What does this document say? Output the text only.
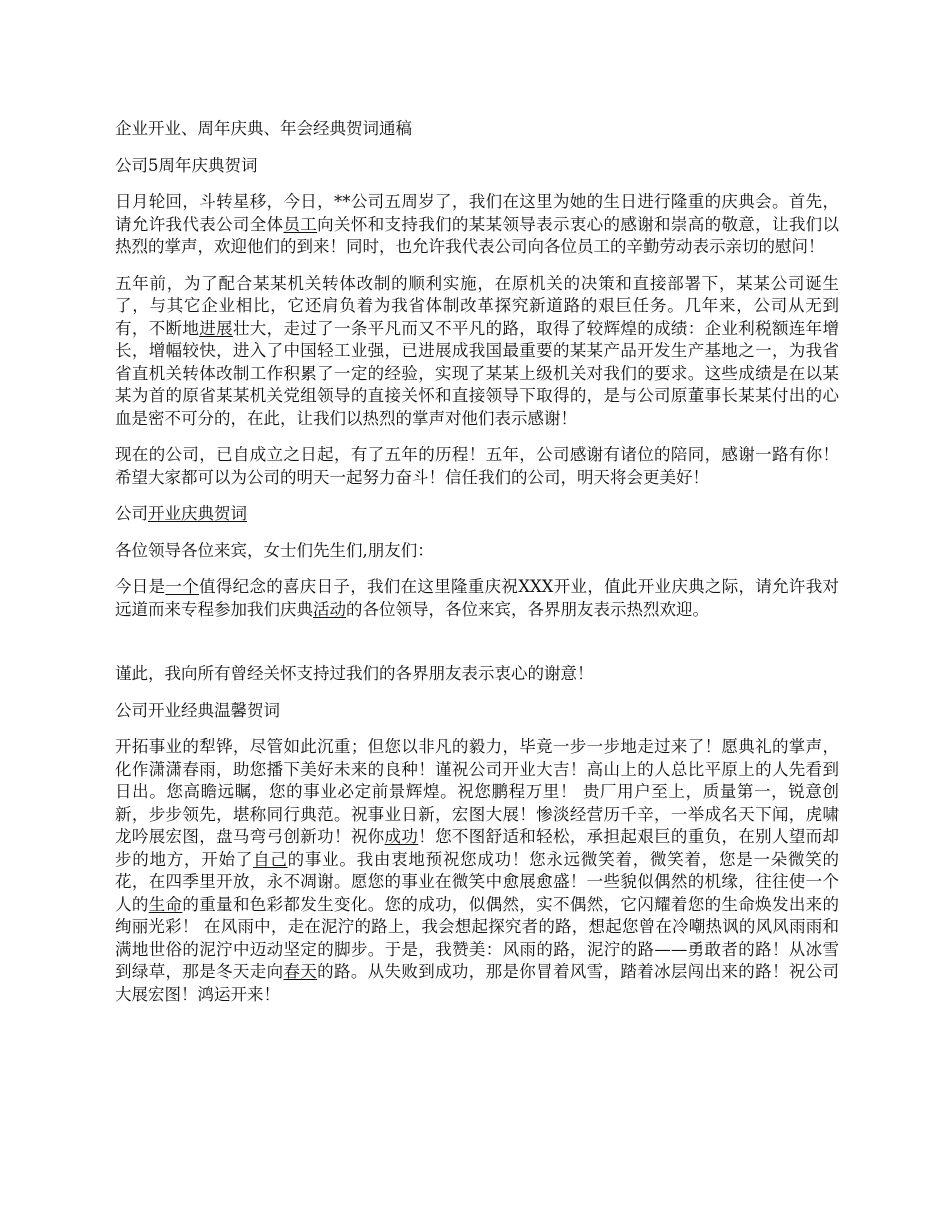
企业开业、周年庆典、年会经典贺词通稿

公司5周年庆典贺词

日月轮回，斗转星移，今日，**公司五周岁了，我们在这里为她的生日进行隆重的庆典会。首先，请允许我代表公司全体员工向关怀和支持我们的某某领导表示衷心的感谢和崇高的敬意，让我们以热烈的掌声，欢迎他们的到来！同时，也允许我代表公司向各位员工的辛勤劳动表示亲切的慰问！

五年前，为了配合某某机关转体改制的顺利实施，在原机关的决策和直接部署下，某某公司诞生了，与其它企业相比，它还肩负着为我省体制改革探究新道路的艰巨任务。几年来，公司从无到有，不断地进展壮大，走过了一条平凡而又不平凡的路，取得了较辉煌的成绩：企业利税额连年增长，增幅较快，进入了中国轻工业强，已进展成我国最重要的某某产品开发生产基地之一，为我省省直机关转体改制工作积累了一定的经验，实现了某某上级机关对我们的要求。这些成绩是在以某某为首的原省某某机关党组领导的直接关怀和直接领导下取得的，是与公司原董事长某某付出的心血是密不可分的，在此，让我们以热烈的掌声对他们表示感谢！

现在的公司，已自成立之日起，有了五年的历程！五年，公司感谢有诸位的陪同，感谢一路有你！希望大家都可以为公司的明天一起努力奋斗！信任我们的公司，明天将会更美好！

公司开业庆典贺词

各位领导各位来宾，女士们先生们,朋友们：

今日是一个值得纪念的喜庆日子，我们在这里隆重庆祝XXX开业，值此开业庆典之际，请允许我对远道而来专程参加我们庆典活动的各位领导，各位来宾，各界朋友表示热烈欢迎。

谨此，我向所有曾经关怀支持过我们的各界朋友表示衷心的谢意！

公司开业经典温馨贺词

开拓事业的犁铧，尽管如此沉重；但您以非凡的毅力，毕竟一步一步地走过来了！愿典礼的掌声，化作潇潇春雨，助您播下美好未来的良种！谨祝公司开业大吉！高山上的人总比平原上的人先看到日出。您高瞻远瞩，您的事业必定前景辉煌。祝您鹏程万里！ 贵厂用户至上，质量第一，锐意创新，步步领先，堪称同行典范。祝事业日新，宏图大展！惨淡经营历千辛，一举成名天下闻，虎啸龙吟展宏图，盘马弯弓创新功！祝你成功！您不图舒适和轻松，承担起艰巨的重负，在别人望而却步的地方，开始了自己的事业。我由衷地预祝您成功！您永远微笑着，微笑着，您是一朵微笑的花，在四季里开放，永不凋谢。愿您的事业在微笑中愈展愈盛！一些貌似偶然的机缘，往往使一个人的生命的重量和色彩都发生变化。您的成功，似偶然，实不偶然，它闪耀着您的生命焕发出来的绚丽光彩！ 在风雨中，走在泥泞的路上，我会想起探究者的路，想起您曾在冷嘲热讽的风风雨雨和满地世俗的泥泞中迈动坚定的脚步。于是，我赞美：风雨的路，泥泞的路——勇敢者的路！从冰雪到绿草，那是冬天走向春天的路。从失败到成功，那是你冒着风雪，踏着冰层闯出来的路！祝公司大展宏图！鸿运开来！
